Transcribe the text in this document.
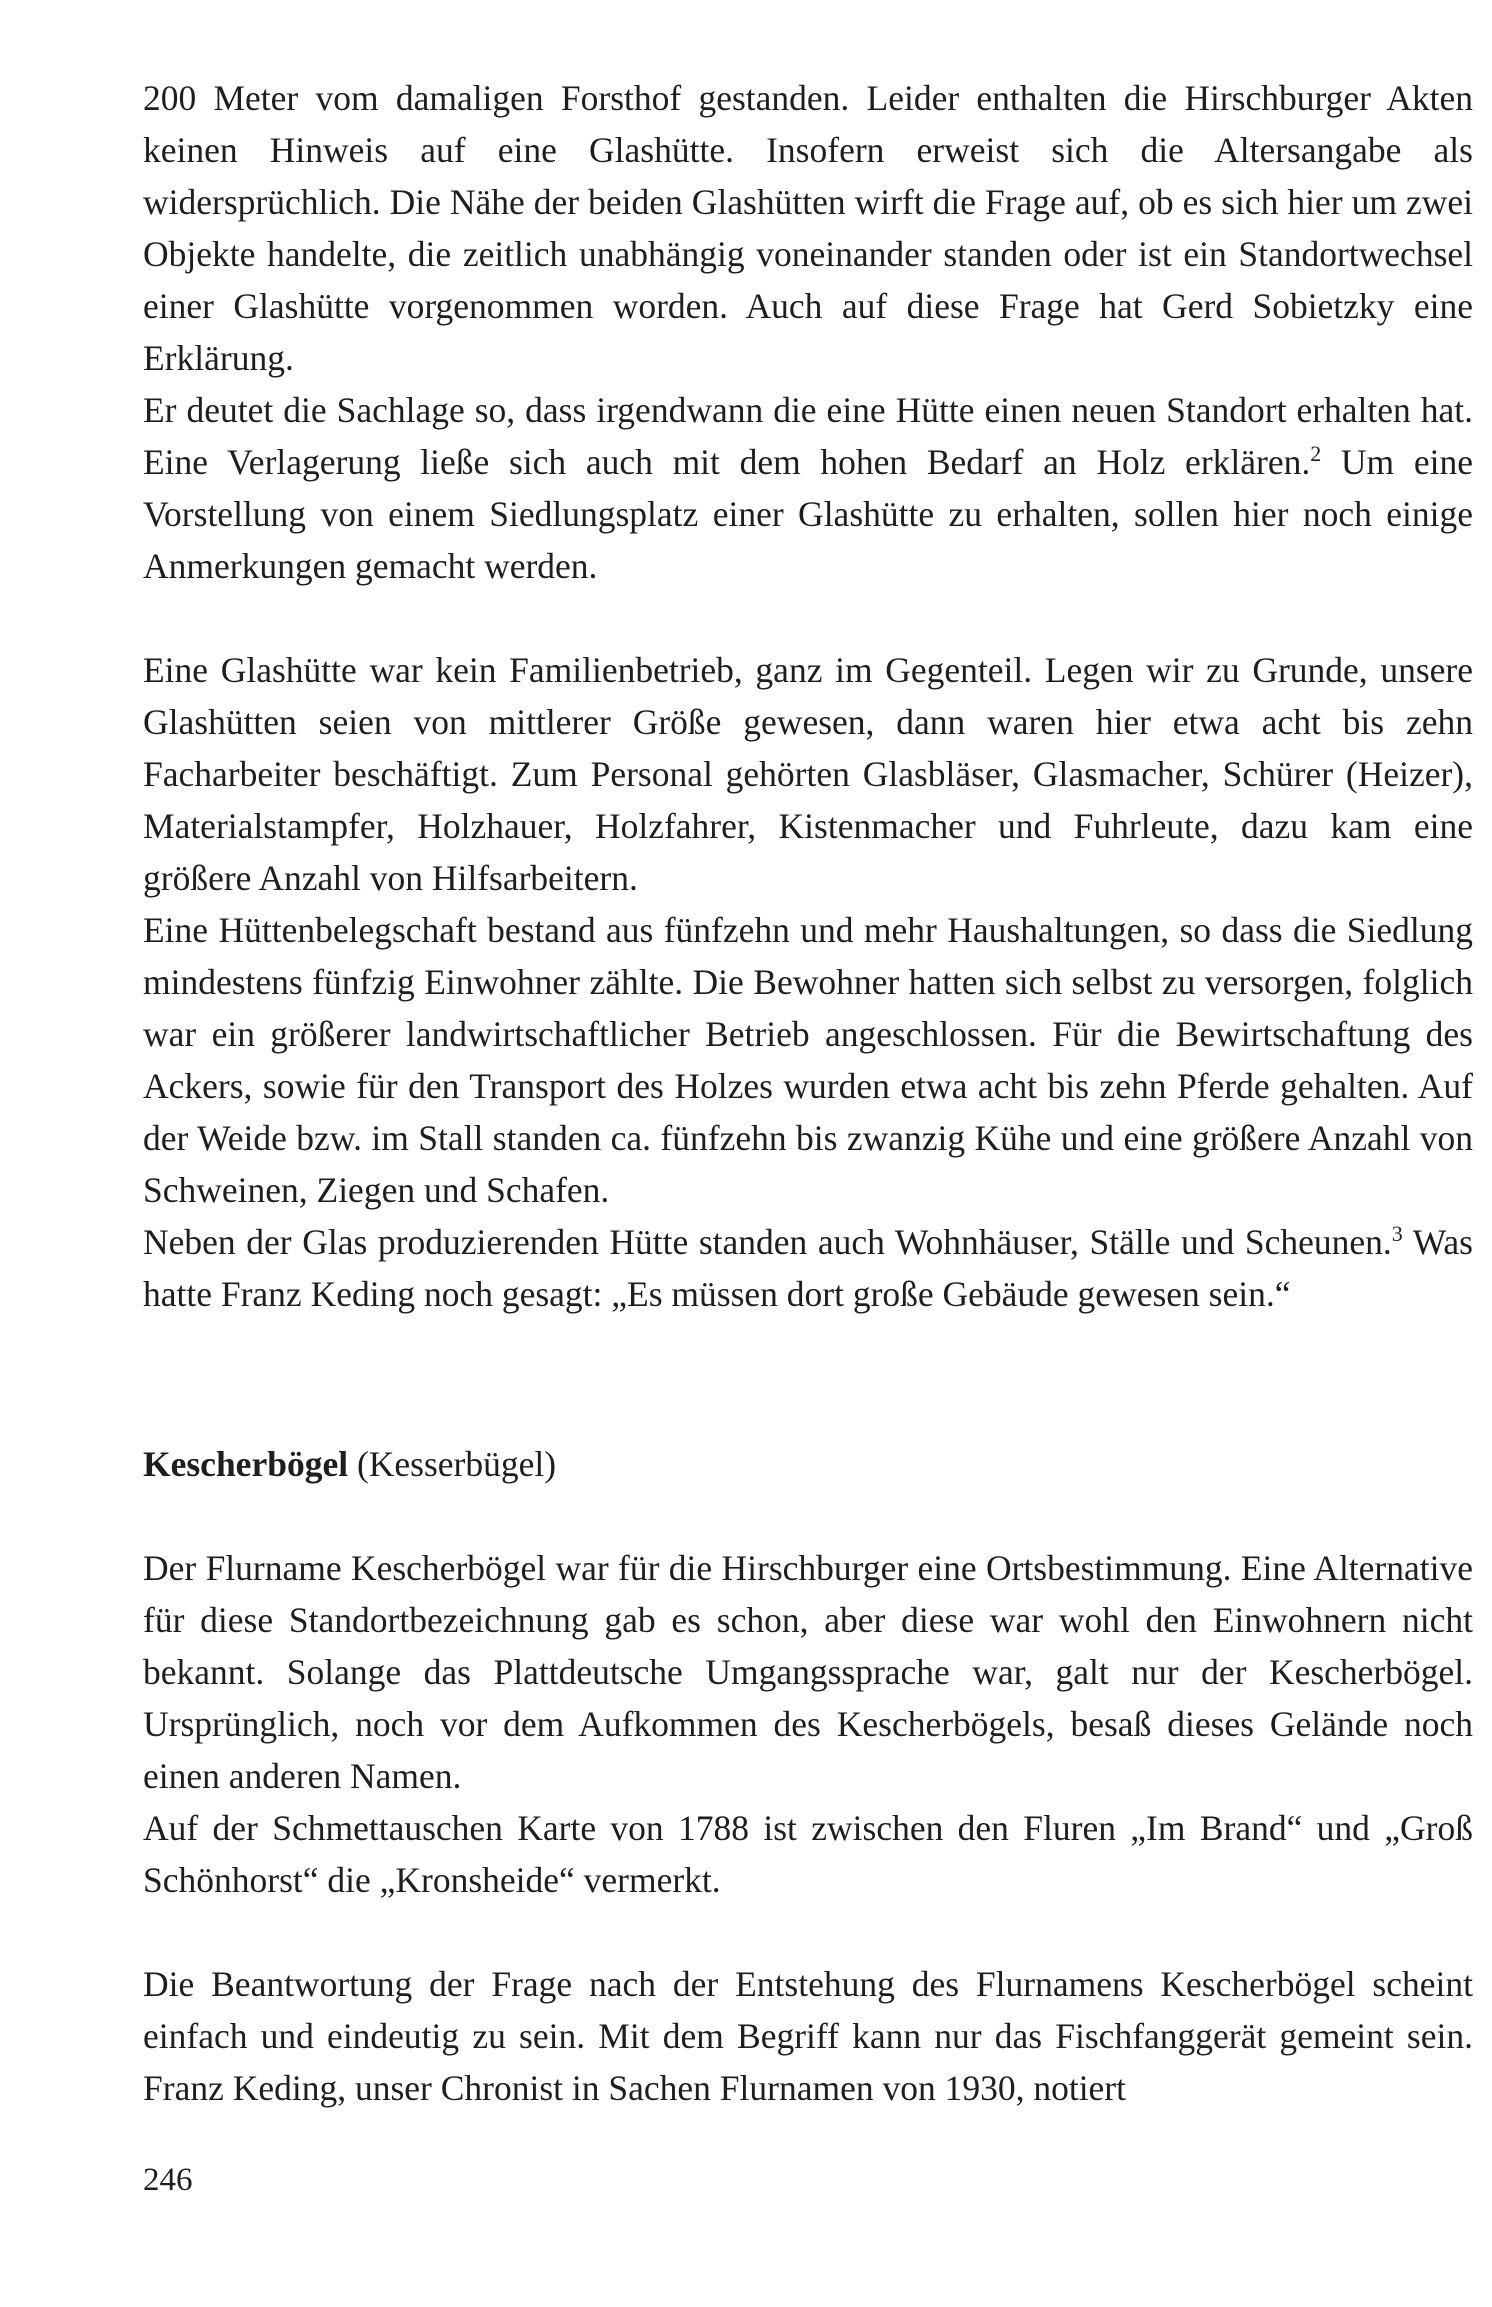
200 Meter vom damaligen Forsthof gestanden. Leider enthalten die Hirschburger Akten keinen Hinweis auf eine Glashütte. Insofern erweist sich die Altersangabe als widersprüchlich. Die Nähe der beiden Glashütten wirft die Frage auf, ob es sich hier um zwei Objekte handelte, die zeitlich unabhängig voneinander standen oder ist ein Standortwechsel einer Glashütte vorgenommen worden. Auch auf diese Frage hat Gerd Sobietzky eine Erklärung.

Er deutet die Sachlage so, dass irgendwann die eine Hütte einen neuen Standort erhalten hat. Eine Verlagerung ließe sich auch mit dem hohen Bedarf an Holz erklären.$^2$ Um eine Vorstellung von einem Siedlungsplatz einer Glashütte zu erhalten, sollen hier noch einige Anmerkungen gemacht werden.

Eine Glashütte war kein Familienbetrieb, ganz im Gegenteil. Legen wir zu Grunde, unsere Glashütten seien von mittlerer Größe gewesen, dann waren hier etwa acht bis zehn Facharbeiter beschäftigt. Zum Personal gehörten Glasbläser, Glasmacher, Schürer (Heizer), Materialstampfer, Holzhauer, Holzfahrer, Kistenmacher und Fuhrleute, dazu kam eine größere Anzahl von Hilfsarbeitern.

Eine Hüttenbelegschaft bestand aus fünfzehn und mehr Haushaltungen, so dass die Siedlung mindestens fünfzig Einwohner zählte. Die Bewohner hatten sich selbst zu versorgen, folglich war ein größerer landwirtschaftlicher Betrieb angeschlossen. Für die Bewirtschaftung des Ackers, sowie für den Transport des Holzes wurden etwa acht bis zehn Pferde gehalten. Auf der Weide bzw. im Stall standen ca. fünfzehn bis zwanzig Kühe und eine größere Anzahl von Schweinen, Ziegen und Schafen.

Neben der Glas produzierenden Hütte standen auch Wohnhäuser, Ställe und Scheunen.$^3$ Was hatte Franz Keding noch gesagt: „Es müssen dort große Gebäude gewesen sein.“

Kescherbögel (Kesserbügel)

Der Flurname Kescherbögel war für die Hirschburger eine Ortsbestimmung. Eine Alternative für diese Standortbezeichnung gab es schon, aber diese war wohl den Einwohnern nicht bekannt. Solange das Plattdeutsche Umgangssprache war, galt nur der Kescherbögel. Ursprünglich, noch vor dem Aufkommen des Kescherbögels, besaß dieses Gelände noch einen anderen Namen.

Auf der Schmettauschen Karte von 1788 ist zwischen den Fluren „Im Brand“ und „Groß Schönhorst“ die „Kronsheide“ vermerkt.

Die Beantwortung der Frage nach der Entstehung des Flurnamens Kescherbögel scheint einfach und eindeutig zu sein. Mit dem Begriff kann nur das Fischfanggerät gemeint sein. Franz Keding, unser Chronist in Sachen Flurnamen von 1930, notiert

246
